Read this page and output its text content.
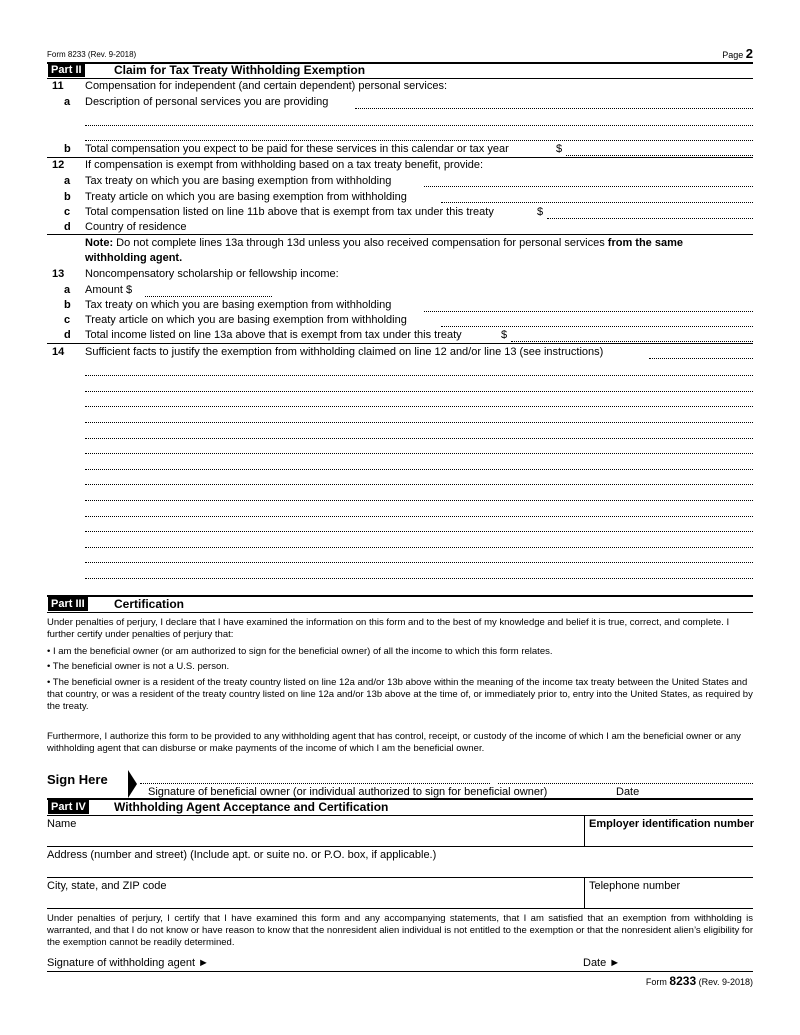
Form 8233 (Rev. 9-2018)	Page 2
Part II	Claim for Tax Treaty Withholding Exemption
11 Compensation for independent (and certain dependent) personal services:
a Description of personal services you are providing
b Total compensation you expect to be paid for these services in this calendar or tax year	$
12 If compensation is exempt from withholding based on a tax treaty benefit, provide:
a Tax treaty on which you are basing exemption from withholding
b Treaty article on which you are basing exemption from withholding
c Total compensation listed on line 11b above that is exempt from tax under this treaty	$
d Country of residence
Note: Do not complete lines 13a through 13d unless you also received compensation for personal services from the same
withholding agent.
13 Noncompensatory scholarship or fellowship income:
a Amount $
b Tax treaty on which you are basing exemption from withholding
c Treaty article on which you are basing exemption from withholding
d Total income listed on line 13a above that is exempt from tax under this treaty	$
14 Sufficient facts to justify the exemption from withholding claimed on line 12 and/or line 13 (see instructions)
Part III Certification
Under penalties of perjury, I declare that I have examined the information on this form and to the best of my knowledge and belief it is true, correct, and complete. I further certify under penalties of perjury that:
• I am the beneficial owner (or am authorized to sign for the beneficial owner) of all the income to which this form relates.
• The beneficial owner is not a U.S. person.
• The beneficial owner is a resident of the treaty country listed on line 12a and/or 13b above within the meaning of the income tax treaty between the United States and that country, or was a resident of the treaty country listed on line 12a and/or 13b above at the time of, or immediately prior to, entry into the United States, as required by the treaty.
Furthermore, I authorize this form to be provided to any withholding agent that has control, receipt, or custody of the income of which I am the beneficial owner or any withholding agent that can disburse or make payments of the income of which I am the beneficial owner.
Sign Here
Signature of beneficial owner (or individual authorized to sign for beneficial owner)	Date
Part IV Withholding Agent Acceptance and Certification
Name	Employer identification number
Address (number and street) (Include apt. or suite no. or P.O. box, if applicable.)
City, state, and ZIP code	Telephone number
Under penalties of perjury, I certify that I have examined this form and any accompanying statements, that I am satisfied that an exemption from withholding is warranted, and that I do not know or have reason to know that the nonresident alien individual is not entitled to the exemption or that the nonresident alien’s eligibility for the exemption cannot be readily determined.
Signature of withholding agent ►	Date ►
Form 8233 (Rev. 9-2018)
